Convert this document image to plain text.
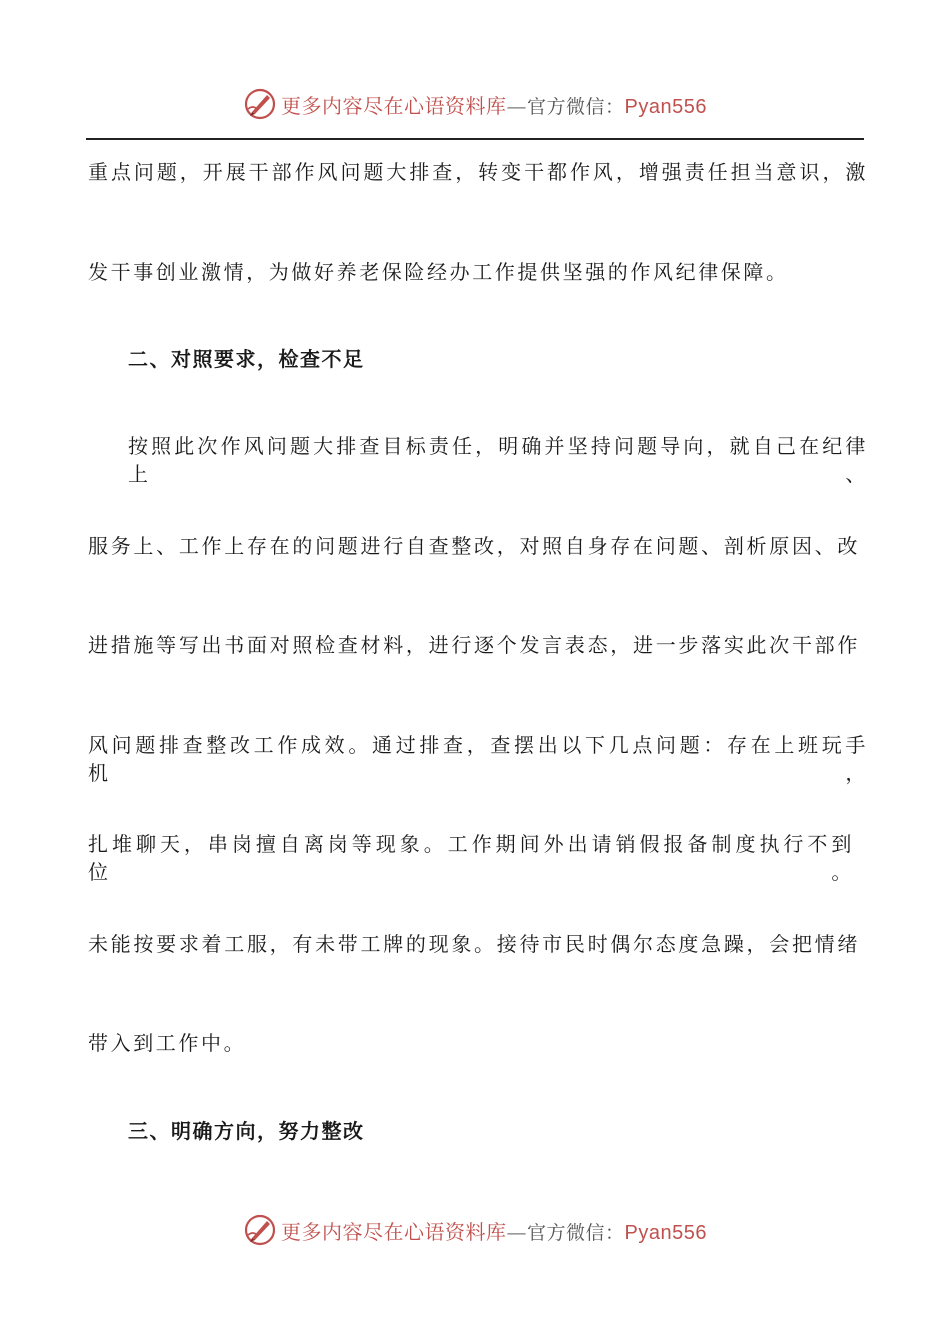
更多内容尽在心语资料库—官方微信：Pyan556
重点问题，开展干部作风问题大排查，转变干都作风，增强责任担当意识，激
发干事创业激情，为做好养老保险经办工作提供坚强的作风纪律保障。
二、对照要求，检查不足
按照此次作风问题大排查目标责任，明确并坚持问题导向，就自己在纪律上、
服务上、工作上存在的问题进行自查整改，对照自身存在问题、剖析原因、改
进措施等写出书面对照检查材料，进行逐个发言表态，进一步落实此次干部作
风问题排查整改工作成效。通过排查，查摆出以下几点问题：存在上班玩手机，
扎堆聊天，串岗擅自离岗等现象。工作期间外出请销假报备制度执行不到位。
未能按要求着工服，有未带工牌的现象。接待市民时偶尔态度急躁，会把情绪
带入到工作中。
三、明确方向，努力整改
更多内容尽在心语资料库—官方微信：Pyan556
